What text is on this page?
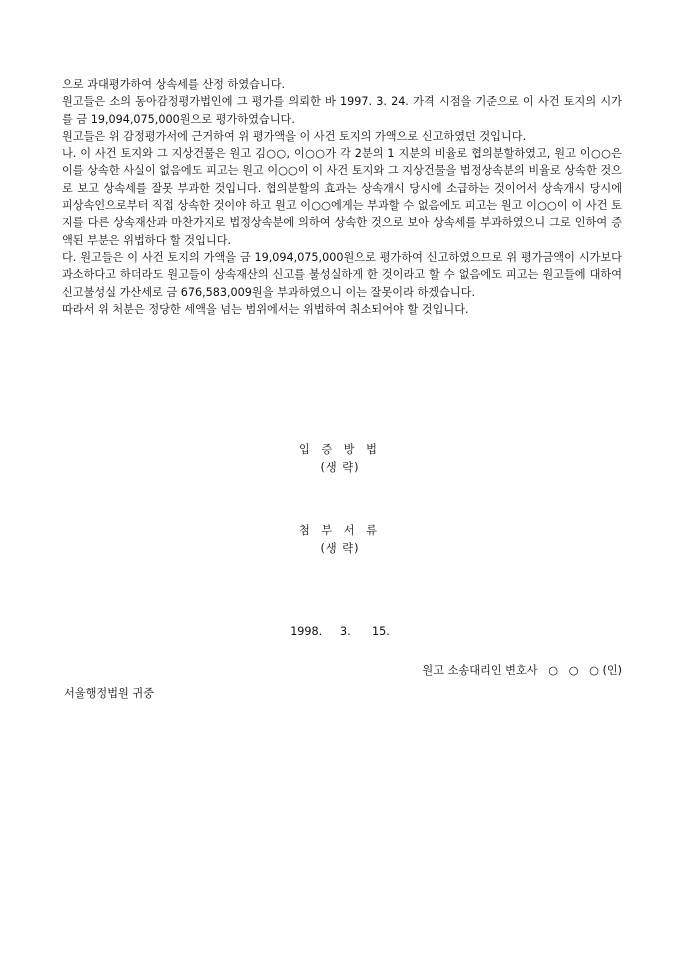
으로 과대평가하여 상속세를 산정 하였습니다.

원고들은 소의 동아감정평가법인에 그 평가를 의뢰한 바 1997. 3. 24. 가격 시점을 기준으로 이 사건 토지의 시가를 금 19,094,075,000원으로 평가하였습니다.

원고들은 위 감정평가서에 근거하여 위 평가액을 이 사건 토지의 가액으로 신고하였던 것입니다.

나. 이 사건 토지와 그 지상건물은 원고 김○○, 이○○가 각 2분의 1 지분의 비율로 협의분할하였고, 원고 이○○은 이를 상속한 사실이 없음에도 피고는 원고 이○○이 이 사건 토지와 그 지상건물을 법정상속분의 비율로 상속한 것으로 보고 상속세를 잘못 부과한 것입니다. 협의분할의 효과는 상속개시 당시에 소급하는 것이어서 상속개시 당시에 피상속인으로부터 직접 상속한 것이야 하고 원고 이○○에게는 부과할 수 없음에도 피고는 원고 이○○이 이 사건 토지를 다른 상속재산과 마찬가지로 법정상속분에 의하여 상속한 것으로 보아 상속세를 부과하였으니 그로 인하여 증액된 부분은 위법하다 할 것입니다.

다. 원고들은 이 사건 토지의 가액을 금 19,094,075,000원으로 평가하여 신고하였으므로 위 평가금액이 시가보다 과소하다고 하더라도 원고들이 상속재산의 신고를 불성실하게 한 것이라고 할 수 없음에도 피고는 원고들에 대하여 신고불성실 가산세로 금 676,583,009원을 부과하였으니 이는 잘못이라 하겠습니다.

따라서 위 처분은 정당한 세액을 넘는 범위에서는 위법하여 취소되어야 할 것입니다.

입 증 방 법
(생 략)
첨 부 서 류
(생 략)
1998.     3.      15.
원고 소송대리인 변호사   ○   ○   ○ (인)
서울행정법원 귀중
